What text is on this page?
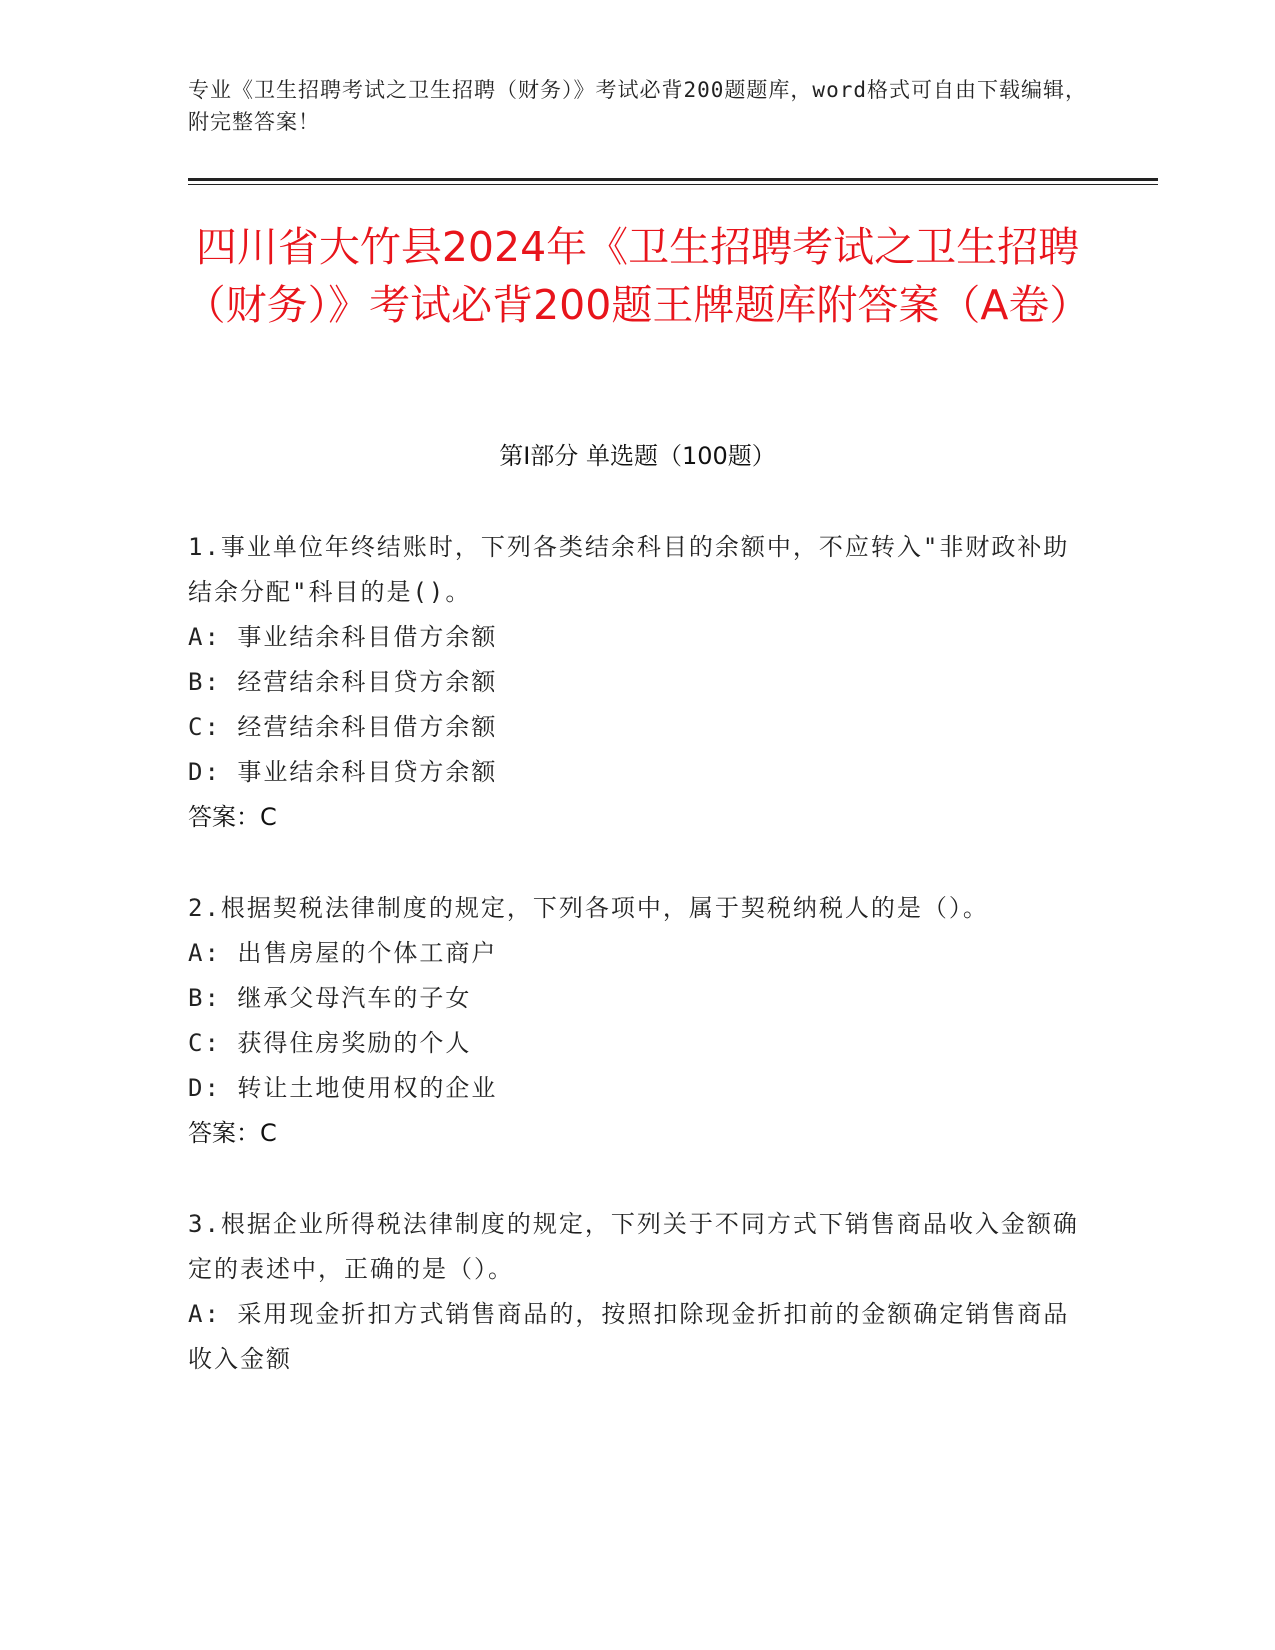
专业《卫生招聘考试之卫生招聘（财务）》考试必背200题题库，word格式可自由下载编辑，附完整答案！
四川省大竹县2024年《卫生招聘考试之卫生招聘（财务）》考试必背200题王牌题库附答案（A卷）
第Ⅰ部分 单选题（100题）

1.事业单位年终结账时，下列各类结余科目的余额中，不应转入"非财政补助结余分配"科目的是()。

A: 事业结余科目借方余额

B: 经营结余科目贷方余额

C: 经营结余科目借方余额

D: 事业结余科目贷方余额

答案：C

2.根据契税法律制度的规定，下列各项中，属于契税纳税人的是（）。

A: 出售房屋的个体工商户

B: 继承父母汽车的子女

C: 获得住房奖励的个人

D: 转让土地使用权的企业

答案：C

3.根据企业所得税法律制度的规定，下列关于不同方式下销售商品收入金额确定的表述中，正确的是（）。

A: 采用现金折扣方式销售商品的，按照扣除现金折扣前的金额确定销售商品收入金额
